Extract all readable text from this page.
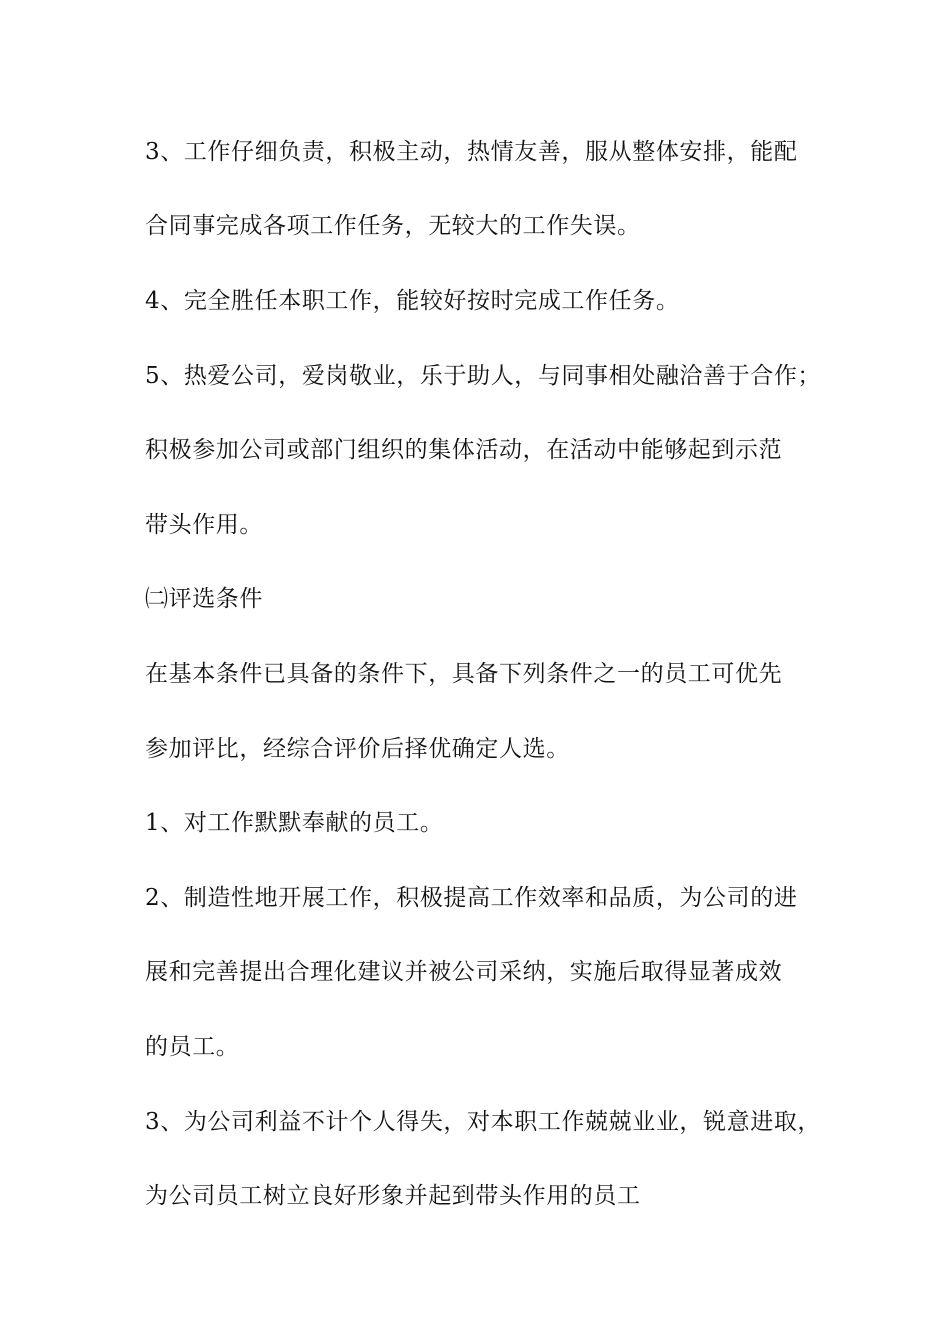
3、工作仔细负责，积极主动，热情友善，服从整体安排，能配
合同事完成各项工作任务，无较大的工作失误。
4、完全胜任本职工作，能较好按时完成工作任务。
5、热爱公司，爱岗敬业，乐于助人，与同事相处融洽善于合作；
积极参加公司或部门组织的集体活动，在活动中能够起到示范
带头作用。
㈡评选条件
在基本条件已具备的条件下，具备下列条件之一的员工可优先
参加评比，经综合评价后择优确定人选。
1、对工作默默奉献的员工。
2、制造性地开展工作，积极提高工作效率和品质，为公司的进
展和完善提出合理化建议并被公司采纳，实施后取得显著成效
的员工。
3、为公司利益不计个人得失，对本职工作兢兢业业，锐意进取，
为公司员工树立良好形象并起到带头作用的员工
